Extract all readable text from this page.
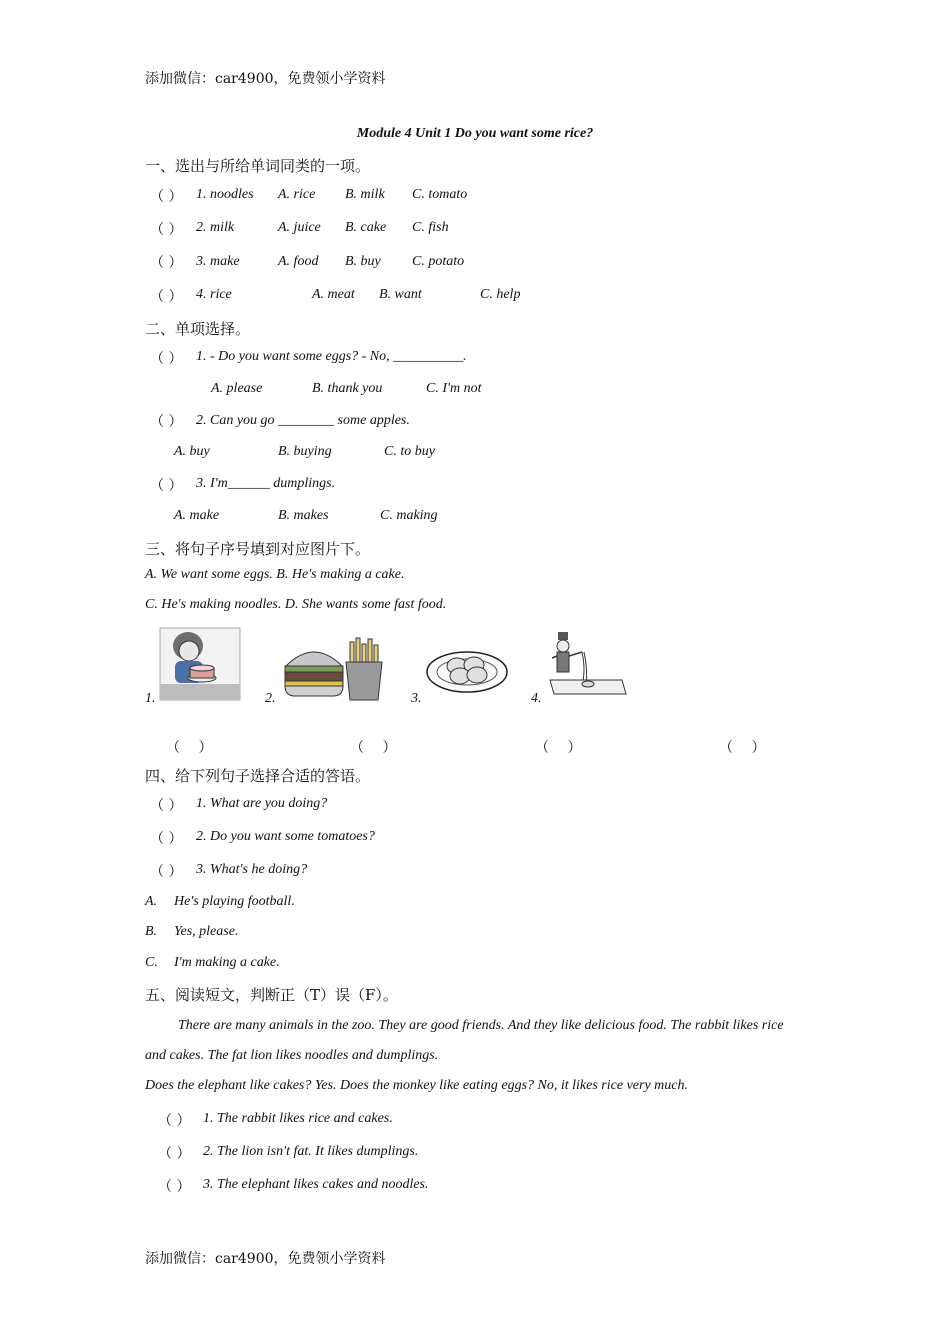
添加微信：car4900，免费领小学资料
Module 4 Unit 1 Do you want some rice?
一、选出与所给单词同类的一项。
（ ） 1. noodles A. rice B. milk C. tomato
（ ） 2. milk	A. juice B. cake C. fish
（ ） 3. make	A. food B. buy C. potato
（ ） 4. rice	A. meat B. want	C. help
二、单项选择。
（ ） 1. - Do you want some eggs? - No, __________.
A. please	B. thank you	C. I'm not
（ ） 2. Can you go ________ some apples.
A. buy	B. buying	C. to buy
（ ） 3. I'm______ dumplings.
A. make	B. makes	C. making
三、将句子序号填到对应图片下。
A. We want some eggs. B. He's making a cake.
C. He's making noodles. D. She wants some fast food.
1.	2.	3.	4.
（　 ）	（　 ）	（　 ）	（　 ）
四、给下列句子选择合适的答语。
（ ） 1. What are you doing?
（ ） 2. Do you want some tomatoes?
（ ） 3. What's he doing?
A. He's playing football.
B. Yes, please.
C. I'm making a cake.
五、阅读短文，判断正（T）误（F）。
There are many animals in the zoo. They are good friends. And they like delicious food. The rabbit likes rice
and cakes. The fat lion likes noodles and dumplings.
Does the elephant like cakes? Yes. Does the monkey like eating eggs? No, it likes rice very much.
（ ） 1. The rabbit likes rice and cakes.
（ ） 2. The lion isn't fat. It likes dumplings.
（ ） 3. The elephant likes cakes and noodles.
添加微信：car4900，免费领小学资料
